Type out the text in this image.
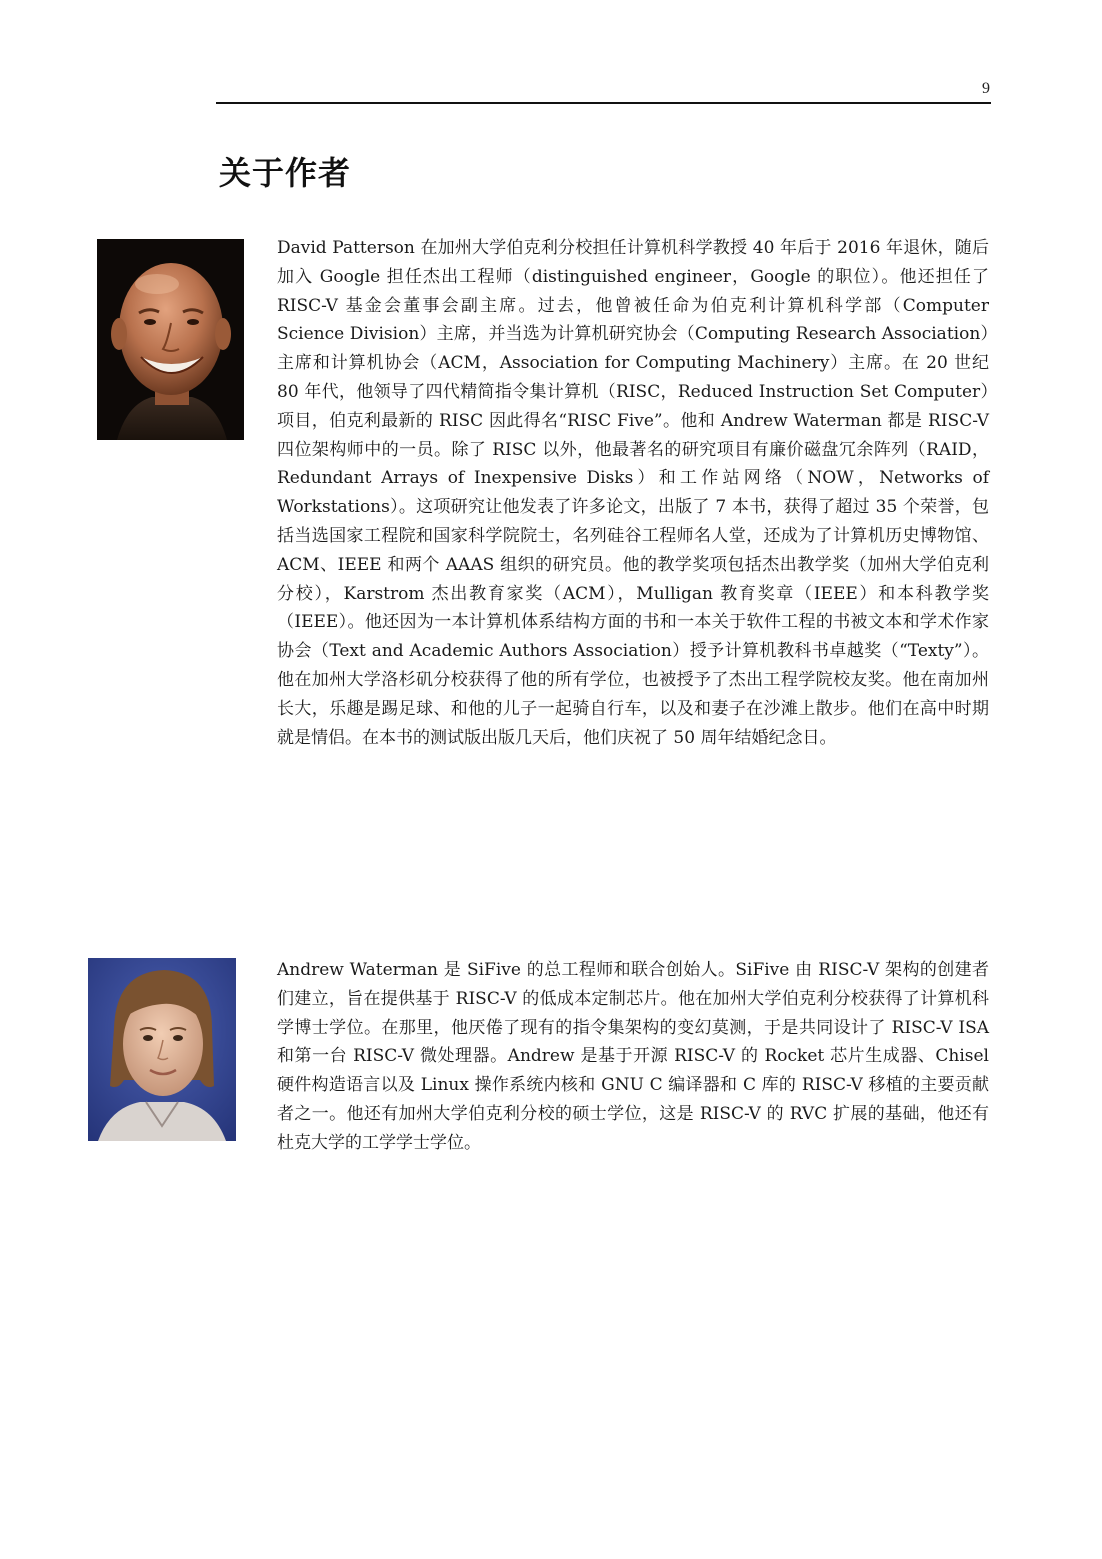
9
关于作者

David Patterson 在加州大学伯克利分校担任计算机科学教授 40 年后于 2016 年退休，随后加入 Google 担任杰出工程师（distinguished engineer，Google 的职位）。他还担任了 RISC-V 基金会董事会副主席。过去，他曾被任命为伯克利计算机科学部（Computer Science Division）主席，并当选为计算机研究协会（Computing Research Association）主席和计算机协会（ACM，Association for Computing Machinery）主席。在 20 世纪 80 年代，他领导了四代精简指令集计算机（RISC，Reduced Instruction Set Computer）项目，伯克利最新的 RISC 因此得名“RISC Five”。他和 Andrew Waterman 都是 RISC-V 四位架构师中的一员。除了 RISC 以外，他最著名的研究项目有廉价磁盘冗余阵列（RAID，Redundant Arrays of Inexpensive Disks）和工作站网络（NOW，Networks of Workstations）。这项研究让他发表了许多论文，出版了 7 本书，获得了超过 35 个荣誉，包括当选国家工程院和国家科学院院士，名列硅谷工程师名人堂，还成为了计算机历史博物馆、ACM、IEEE 和两个 AAAS 组织的研究员。他的教学奖项包括杰出教学奖（加州大学伯克利分校），Karstrom 杰出教育家奖（ACM），Mulligan 教育奖章（IEEE）和本科教学奖（IEEE）。他还因为一本计算机体系结构方面的书和一本关于软件工程的书被文本和学术作家协会（Text and Academic Authors Association）授予计算机教科书卓越奖（“Texty”）。他在加州大学洛杉矶分校获得了他的所有学位，也被授予了杰出工程学院校友奖。他在南加州长大，乐趣是踢足球、和他的儿子一起骑自行车，以及和妻子在沙滩上散步。他们在高中时期就是情侣。在本书的测试版出版几天后，他们庆祝了 50 周年结婚纪念日。

Andrew Waterman 是 SiFive 的总工程师和联合创始人。SiFive 由 RISC-V 架构的创建者们建立，旨在提供基于 RISC-V 的低成本定制芯片。他在加州大学伯克利分校获得了计算机科学博士学位。在那里，他厌倦了现有的指令集架构的变幻莫测，于是共同设计了 RISC-V ISA 和第一台 RISC-V 微处理器。Andrew 是基于开源 RISC-V 的 Rocket 芯片生成器、Chisel 硬件构造语言以及 Linux 操作系统内核和 GNU C 编译器和 C 库的 RISC-V 移植的主要贡献者之一。他还有加州大学伯克利分校的硕士学位，这是 RISC-V 的 RVC 扩展的基础，他还有杜克大学的工学学士学位。
